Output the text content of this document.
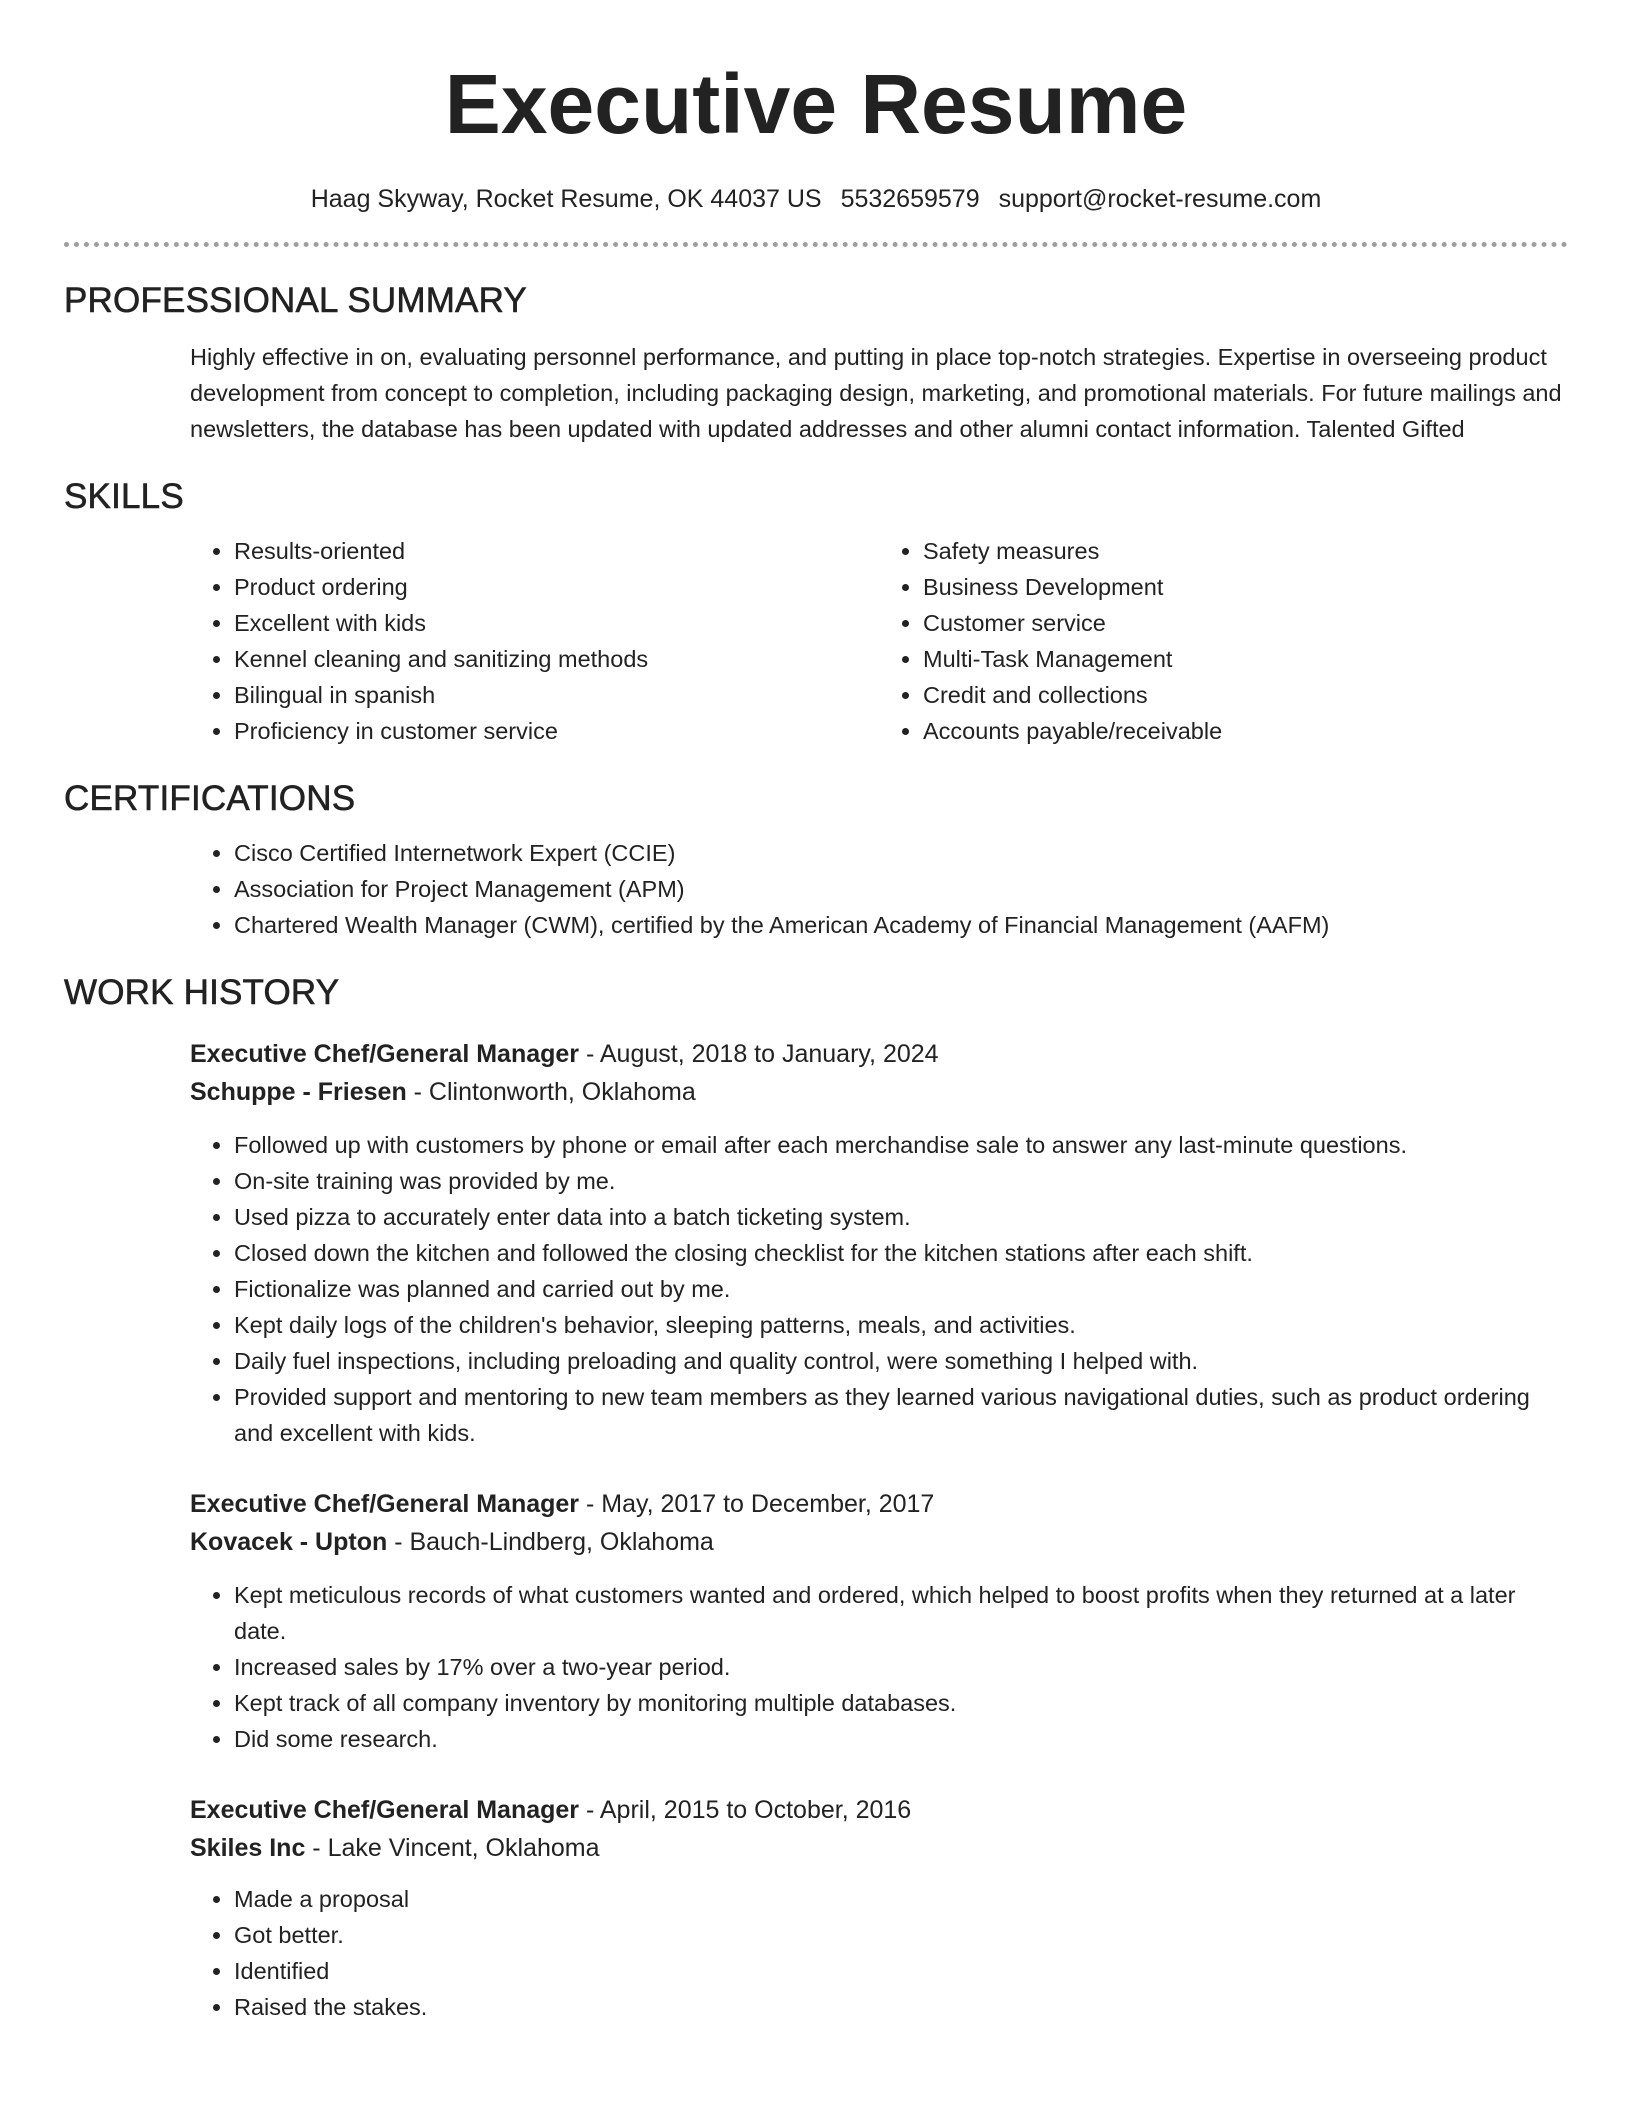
Executive Resume
Haag Skyway, Rocket Resume, OK 44037 US 5532659579 support@rocket-resume.com
PROFESSIONAL SUMMARY
Highly effective in on, evaluating personnel performance, and putting in place top-notch strategies. Expertise in overseeing product development from concept to completion, including packaging design, marketing, and promotional materials. For future mailings and newsletters, the database has been updated with updated addresses and other alumni contact information. Talented Gifted
SKILLS
• Results-oriented
• Product ordering
• Excellent with kids
• Kennel cleaning and sanitizing methods
• Bilingual in spanish
• Proficiency in customer service
• Safety measures
• Business Development
• Customer service
• Multi-Task Management
• Credit and collections
• Accounts payable/receivable
CERTIFICATIONS
• Cisco Certified Internetwork Expert (CCIE)
• Association for Project Management (APM)
• Chartered Wealth Manager (CWM), certified by the American Academy of Financial Management (AAFM)
WORK HISTORY
Executive Chef/General Manager - August, 2018 to January, 2024
Schuppe - Friesen - Clintonworth, Oklahoma
• Followed up with customers by phone or email after each merchandise sale to answer any last-minute questions.
• On-site training was provided by me.
• Used pizza to accurately enter data into a batch ticketing system.
• Closed down the kitchen and followed the closing checklist for the kitchen stations after each shift.
• Fictionalize was planned and carried out by me.
• Kept daily logs of the children's behavior, sleeping patterns, meals, and activities.
• Daily fuel inspections, including preloading and quality control, were something I helped with.
• Provided support and mentoring to new team members as they learned various navigational duties, such as product ordering and excellent with kids.
Executive Chef/General Manager - May, 2017 to December, 2017
Kovacek - Upton - Bauch-Lindberg, Oklahoma
• Kept meticulous records of what customers wanted and ordered, which helped to boost profits when they returned at a later date.
• Increased sales by 17% over a two-year period.
• Kept track of all company inventory by monitoring multiple databases.
• Did some research.
Executive Chef/General Manager - April, 2015 to October, 2016
Skiles Inc - Lake Vincent, Oklahoma
• Made a proposal
• Got better.
• Identified
• Raised the stakes.
